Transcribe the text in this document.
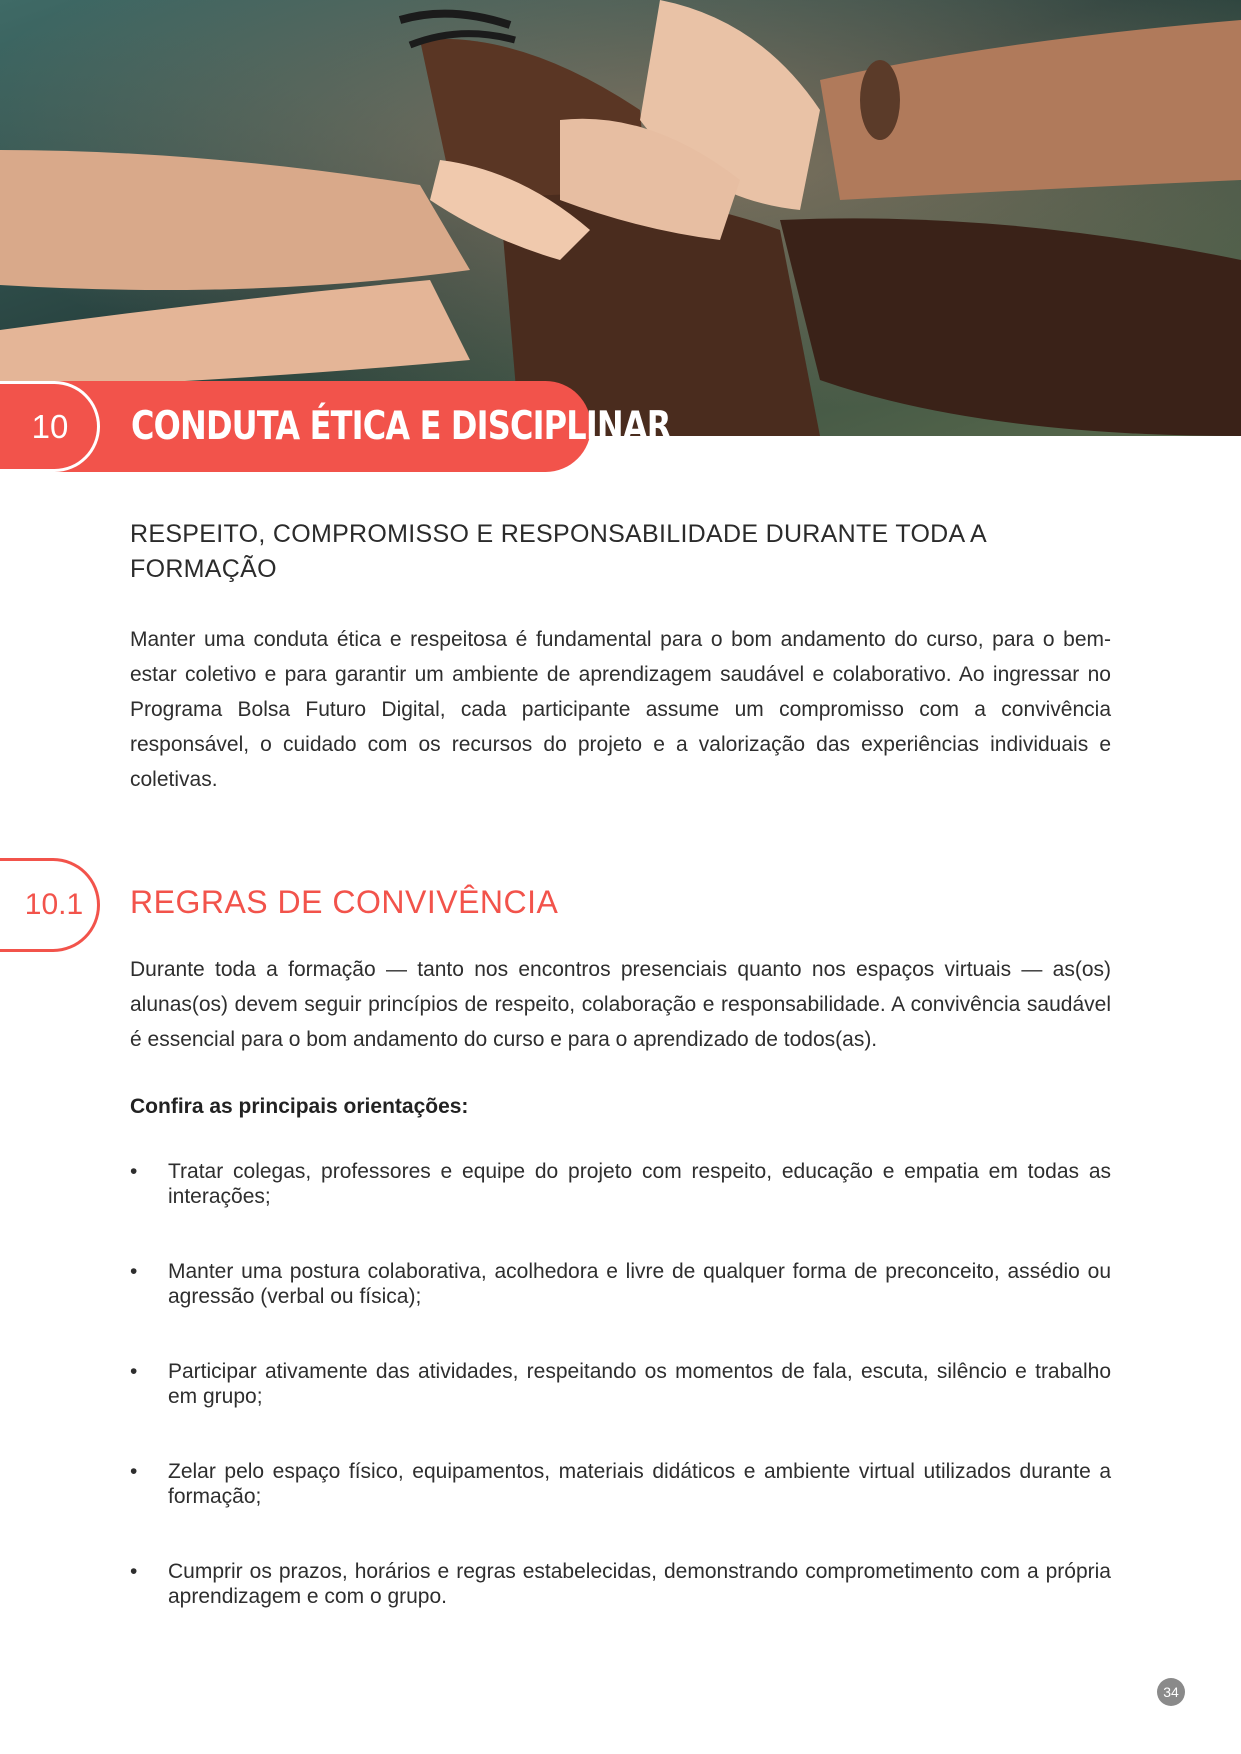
10 CONDUTA ÉTICA E DISCIPLINAR
RESPEITO, COMPROMISSO E RESPONSABILIDADE DURANTE TODA A FORMAÇÃO

Manter uma conduta ética e respeitosa é fundamental para o bom andamento do curso, para o bem-estar coletivo e para garantir um ambiente de aprendizagem saudável e colaborativo. Ao ingressar no Programa Bolsa Futuro Digital, cada participante assume um compromisso com a convivência responsável, o cuidado com os recursos do projeto e a valorização das experiências individuais e coletivas.

10.1 REGRAS DE CONVIVÊNCIA

Durante toda a formação — tanto nos encontros presenciais quanto nos espaços virtuais — as(os) alunas(os) devem seguir princípios de respeito, colaboração e responsabilidade. A convivência saudável é essencial para o bom andamento do curso e para o aprendizado de todos(as).

Confira as principais orientações:
• Tratar colegas, professores e equipe do projeto com respeito, educação e empatia em todas as interações;
• Manter uma postura colaborativa, acolhedora e livre de qualquer forma de preconceito, assédio ou agressão (verbal ou física);
• Participar ativamente das atividades, respeitando os momentos de fala, escuta, silêncio e trabalho em grupo;
• Zelar pelo espaço físico, equipamentos, materiais didáticos e ambiente virtual utilizados durante a formação;
• Cumprir os prazos, horários e regras estabelecidas, demonstrando comprometimento com a própria aprendizagem e com o grupo.
34
